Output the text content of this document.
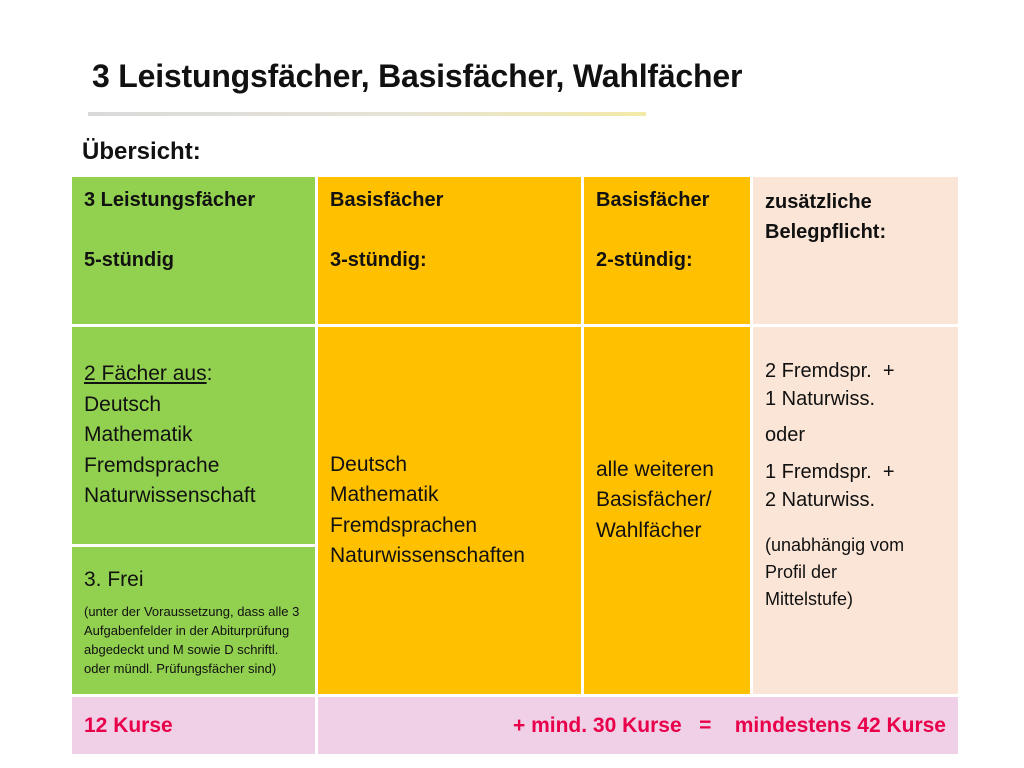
3 Leistungsfächer, Basisfächer, Wahlfächer
Übersicht:
3 Leistungsfächer
5-stündig
Basisfächer
3-stündig:
Basisfächer
2-stündig:
zusätzliche
Belegpflicht:
2 Fächer aus:
Deutsch
Mathematik
Fremdsprache
Naturwissenschaft
Deutsch
Mathematik
Fremdsprachen
Naturwissenschaften
alle weiteren
Basisfächer/
Wahlfächer
2 Fremdspr.  +
1 Naturwiss.
oder
1 Fremdspr.  +
2 Naturwiss.
(unabhängig vom
Profil der
Mittelstufe)
3. Frei
(unter der Voraussetzung, dass alle 3 Aufgabenfelder in der Abiturprüfung abgedeckt und M sowie D schriftl. oder mündl. Prüfungsfächer sind)
12 Kurse	+ mind. 30 Kurse   =    mindestens 42 Kurse
